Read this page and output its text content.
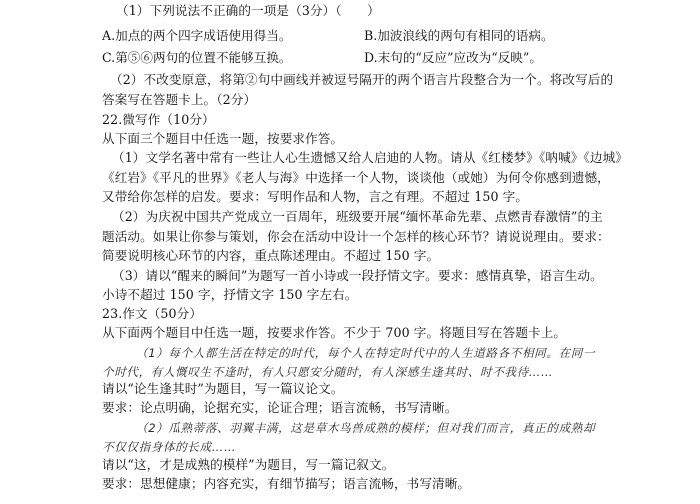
（1）下列说法不正确的一项是（3分）（　　）
A.加点的两个四字成语使用得当。	B.加波浪线的两句有相同的语病。
C.第⑤⑥两句的位置不能够互换。	D.末句的“反应”应改为“反映”。
（2）不改变原意，将第②句中画线并被逗号隔开的两个语言片段整合为一个。将改写后的
答案写在答题卡上。（2分）
22.微写作（10分）
从下面三个题目中任选一题，按要求作答。
（1）文学名著中常有一些让人心生遗憾又给人启迪的人物。请从《红楼梦》《呐喊》《边城》
《红岩》《平凡的世界》《老人与海》中选择一个人物，谈谈他（或她）为何令你感到遗憾，
又带给你怎样的启发。要求：写明作品和人物，言之有理。不超过 150 字。
（2）为庆祝中国共产党成立一百周年，班级要开展“缅怀革命先辈、点燃青春激情”的主
题活动。如果让你参与策划，你会在活动中设计一个怎样的核心环节？请说说理由。要求：
简要说明核心环节的内容，重点陈述理由。不超过 150 字。
（3）请以“醒来的瞬间”为题写一首小诗或一段抒情文字。要求：感情真挚，语言生动。
小诗不超过 150 字，抒情文字 150 字左右。
23.作文（50分）
从下面两个题目中任选一题，按要求作答。不少于 700 字。将题目写在答题卡上。
（1）每个人都生活在特定的时代，每个人在特定时代中的人生道路各不相同。在同一
个时代，有人慨叹生不逢时，有人只愿安分随时，有人深感生逢其时、时不我待……
请以“论生逢其时”为题目，写一篇议论文。
要求：论点明确，论据充实，论证合理；语言流畅，书写清晰。
（2）瓜熟蒂落、羽翼丰满，这是草木鸟兽成熟的模样；但对我们而言，真正的成熟却
不仅仅指身体的长成……
请以“这，才是成熟的模样”为题目，写一篇记叙文。
要求：思想健康；内容充实，有细节描写；语言流畅，书写清晰。
